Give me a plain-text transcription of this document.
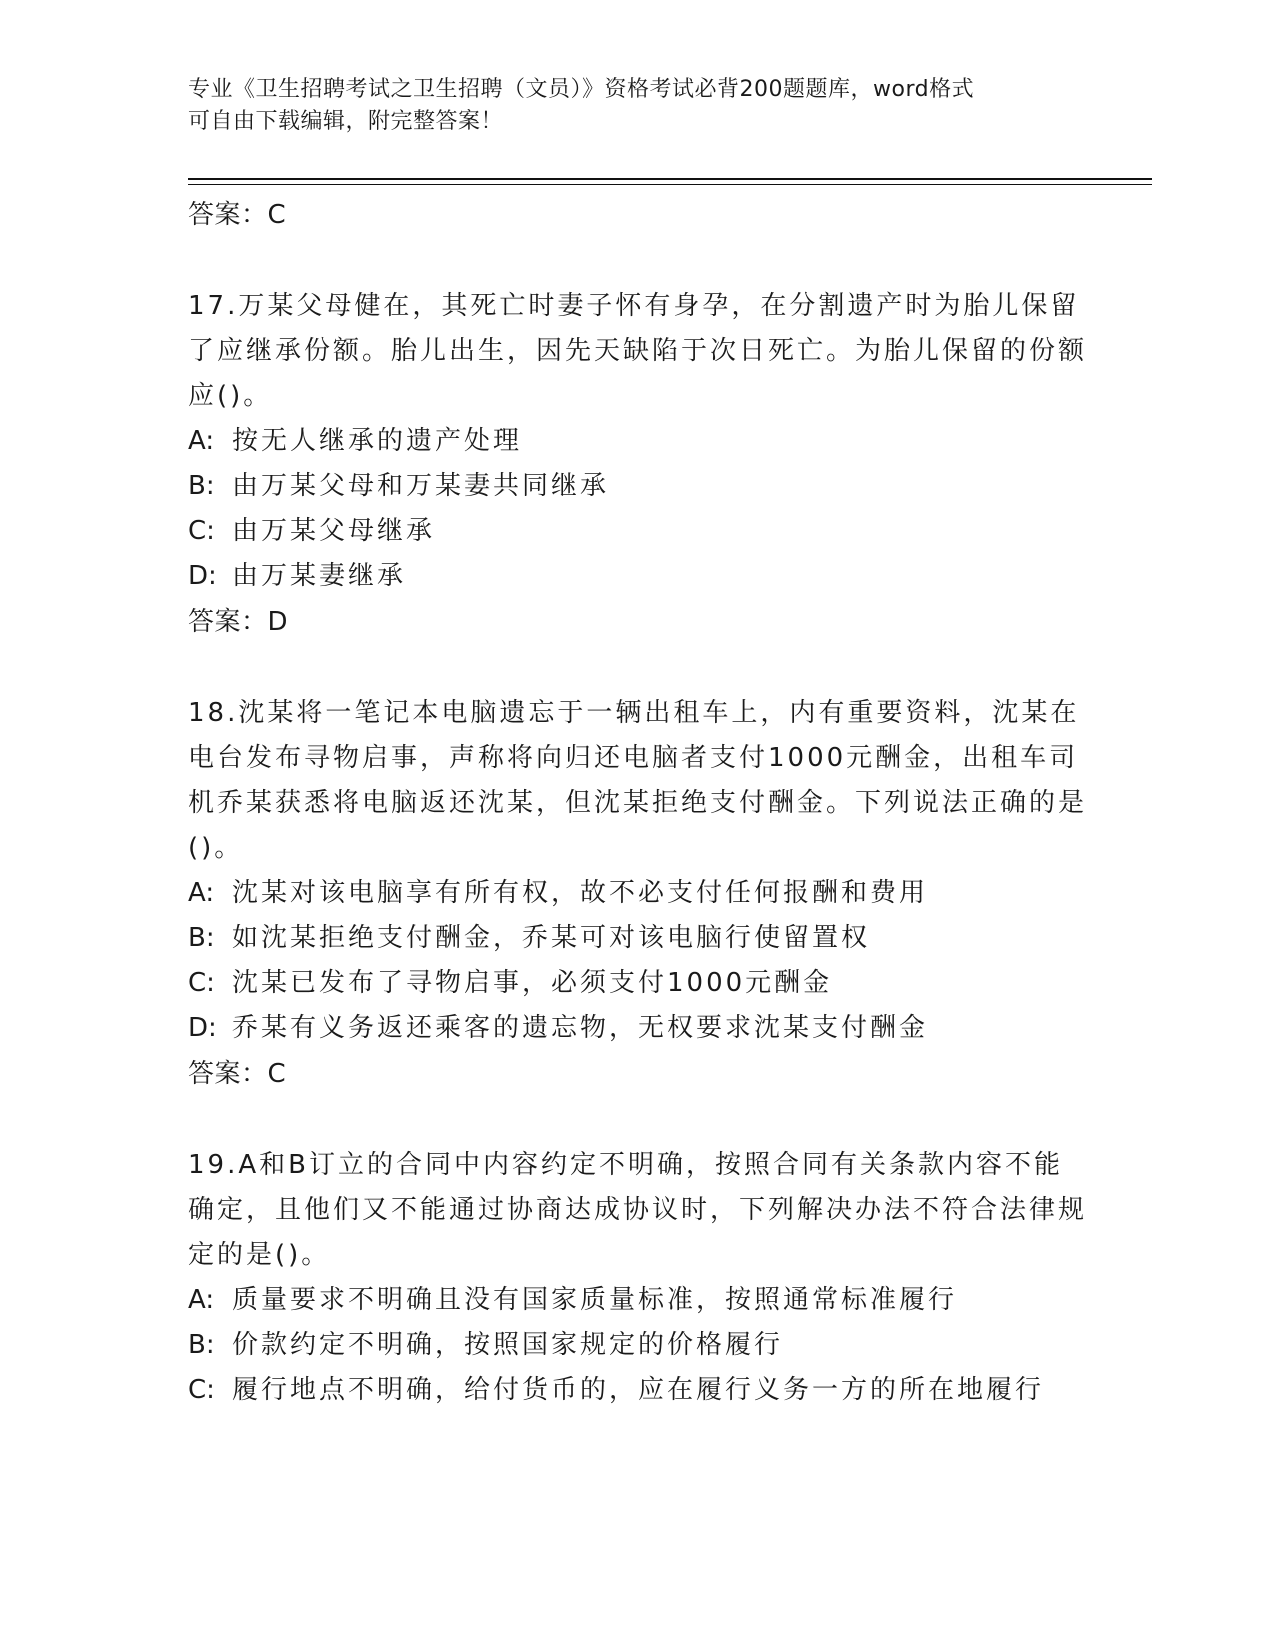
专业《卫生招聘考试之卫生招聘（文员）》资格考试必背200题题库，word格式
可自由下载编辑，附完整答案！
答案：C

17.万某父母健在，其死亡时妻子怀有身孕，在分割遗产时为胎儿保留了应继承份额。胎儿出生，因先天缺陷于次日死亡。为胎儿保留的份额应()。

A: 按无人继承的遗产处理
B: 由万某父母和万某妻共同继承
C: 由万某父母继承
D: 由万某妻继承
答案：D

18.沈某将一笔记本电脑遗忘于一辆出租车上，内有重要资料，沈某在电台发布寻物启事，声称将向归还电脑者支付1000元酬金，出租车司机乔某获悉将电脑返还沈某，但沈某拒绝支付酬金。下列说法正确的是()。

A: 沈某对该电脑享有所有权，故不必支付任何报酬和费用
B: 如沈某拒绝支付酬金，乔某可对该电脑行使留置权
C: 沈某已发布了寻物启事，必须支付1000元酬金
D: 乔某有义务返还乘客的遗忘物，无权要求沈某支付酬金
答案：C

19.A和B订立的合同中内容约定不明确，按照合同有关条款内容不能确定，且他们又不能通过协商达成协议时，下列解决办法不符合法律规定的是()。

A: 质量要求不明确且没有国家质量标准，按照通常标准履行
B: 价款约定不明确，按照国家规定的价格履行
C: 履行地点不明确，给付货币的，应在履行义务一方的所在地履行
